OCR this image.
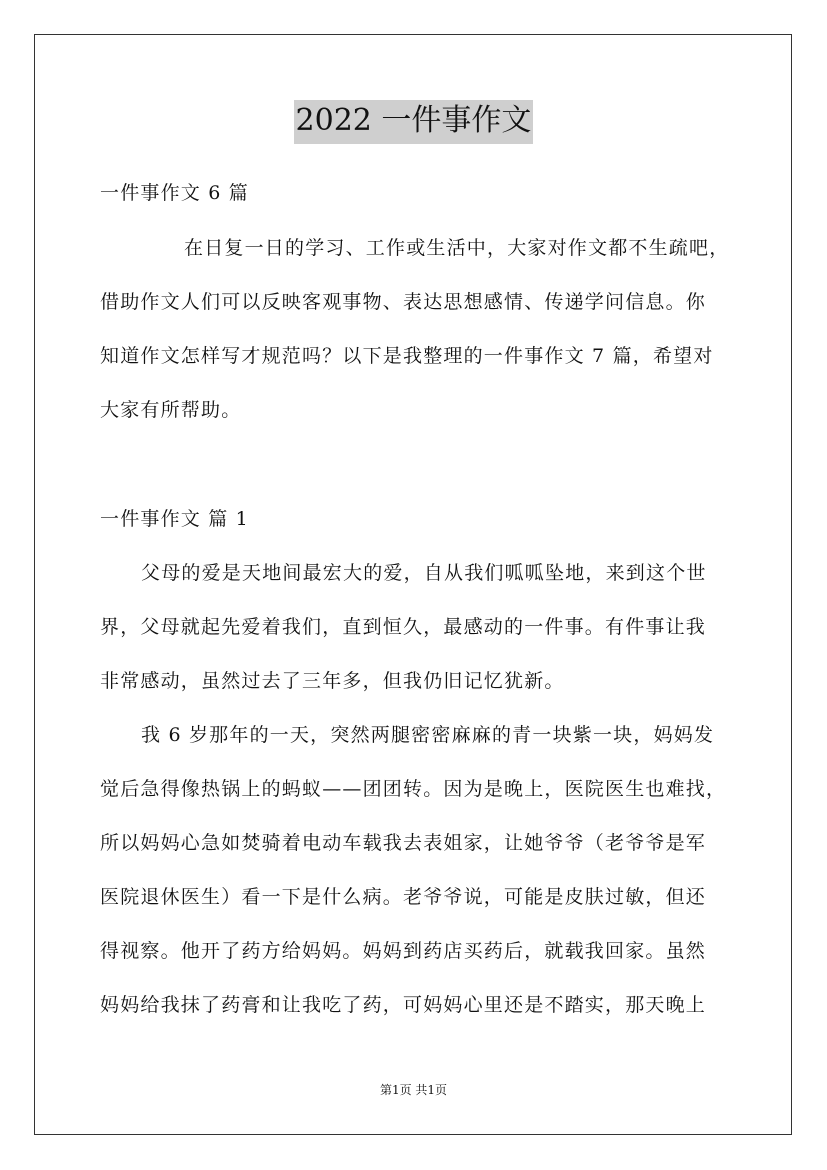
2022 一件事作文
一件事作文 6 篇
在日复一日的学习、工作或生活中，大家对作文都不生疏吧，
借助作文人们可以反映客观事物、表达思想感情、传递学问信息。你
知道作文怎样写才规范吗？以下是我整理的一件事作文 7 篇，希望对
大家有所帮助。
一件事作文 篇 1
父母的爱是天地间最宏大的爱，自从我们呱呱坠地，来到这个世
界，父母就起先爱着我们，直到恒久，最感动的一件事。有件事让我
非常感动，虽然过去了三年多，但我仍旧记忆犹新。
我 6 岁那年的一天，突然两腿密密麻麻的青一块紫一块，妈妈发
觉后急得像热锅上的蚂蚁——团团转。因为是晚上，医院医生也难找，
所以妈妈心急如焚骑着电动车载我去表姐家，让她爷爷（老爷爷是军
医院退休医生）看一下是什么病。老爷爷说，可能是皮肤过敏，但还
得视察。他开了药方给妈妈。妈妈到药店买药后，就载我回家。虽然
妈妈给我抹了药膏和让我吃了药，可妈妈心里还是不踏实，那天晚上
第1页 共1页
